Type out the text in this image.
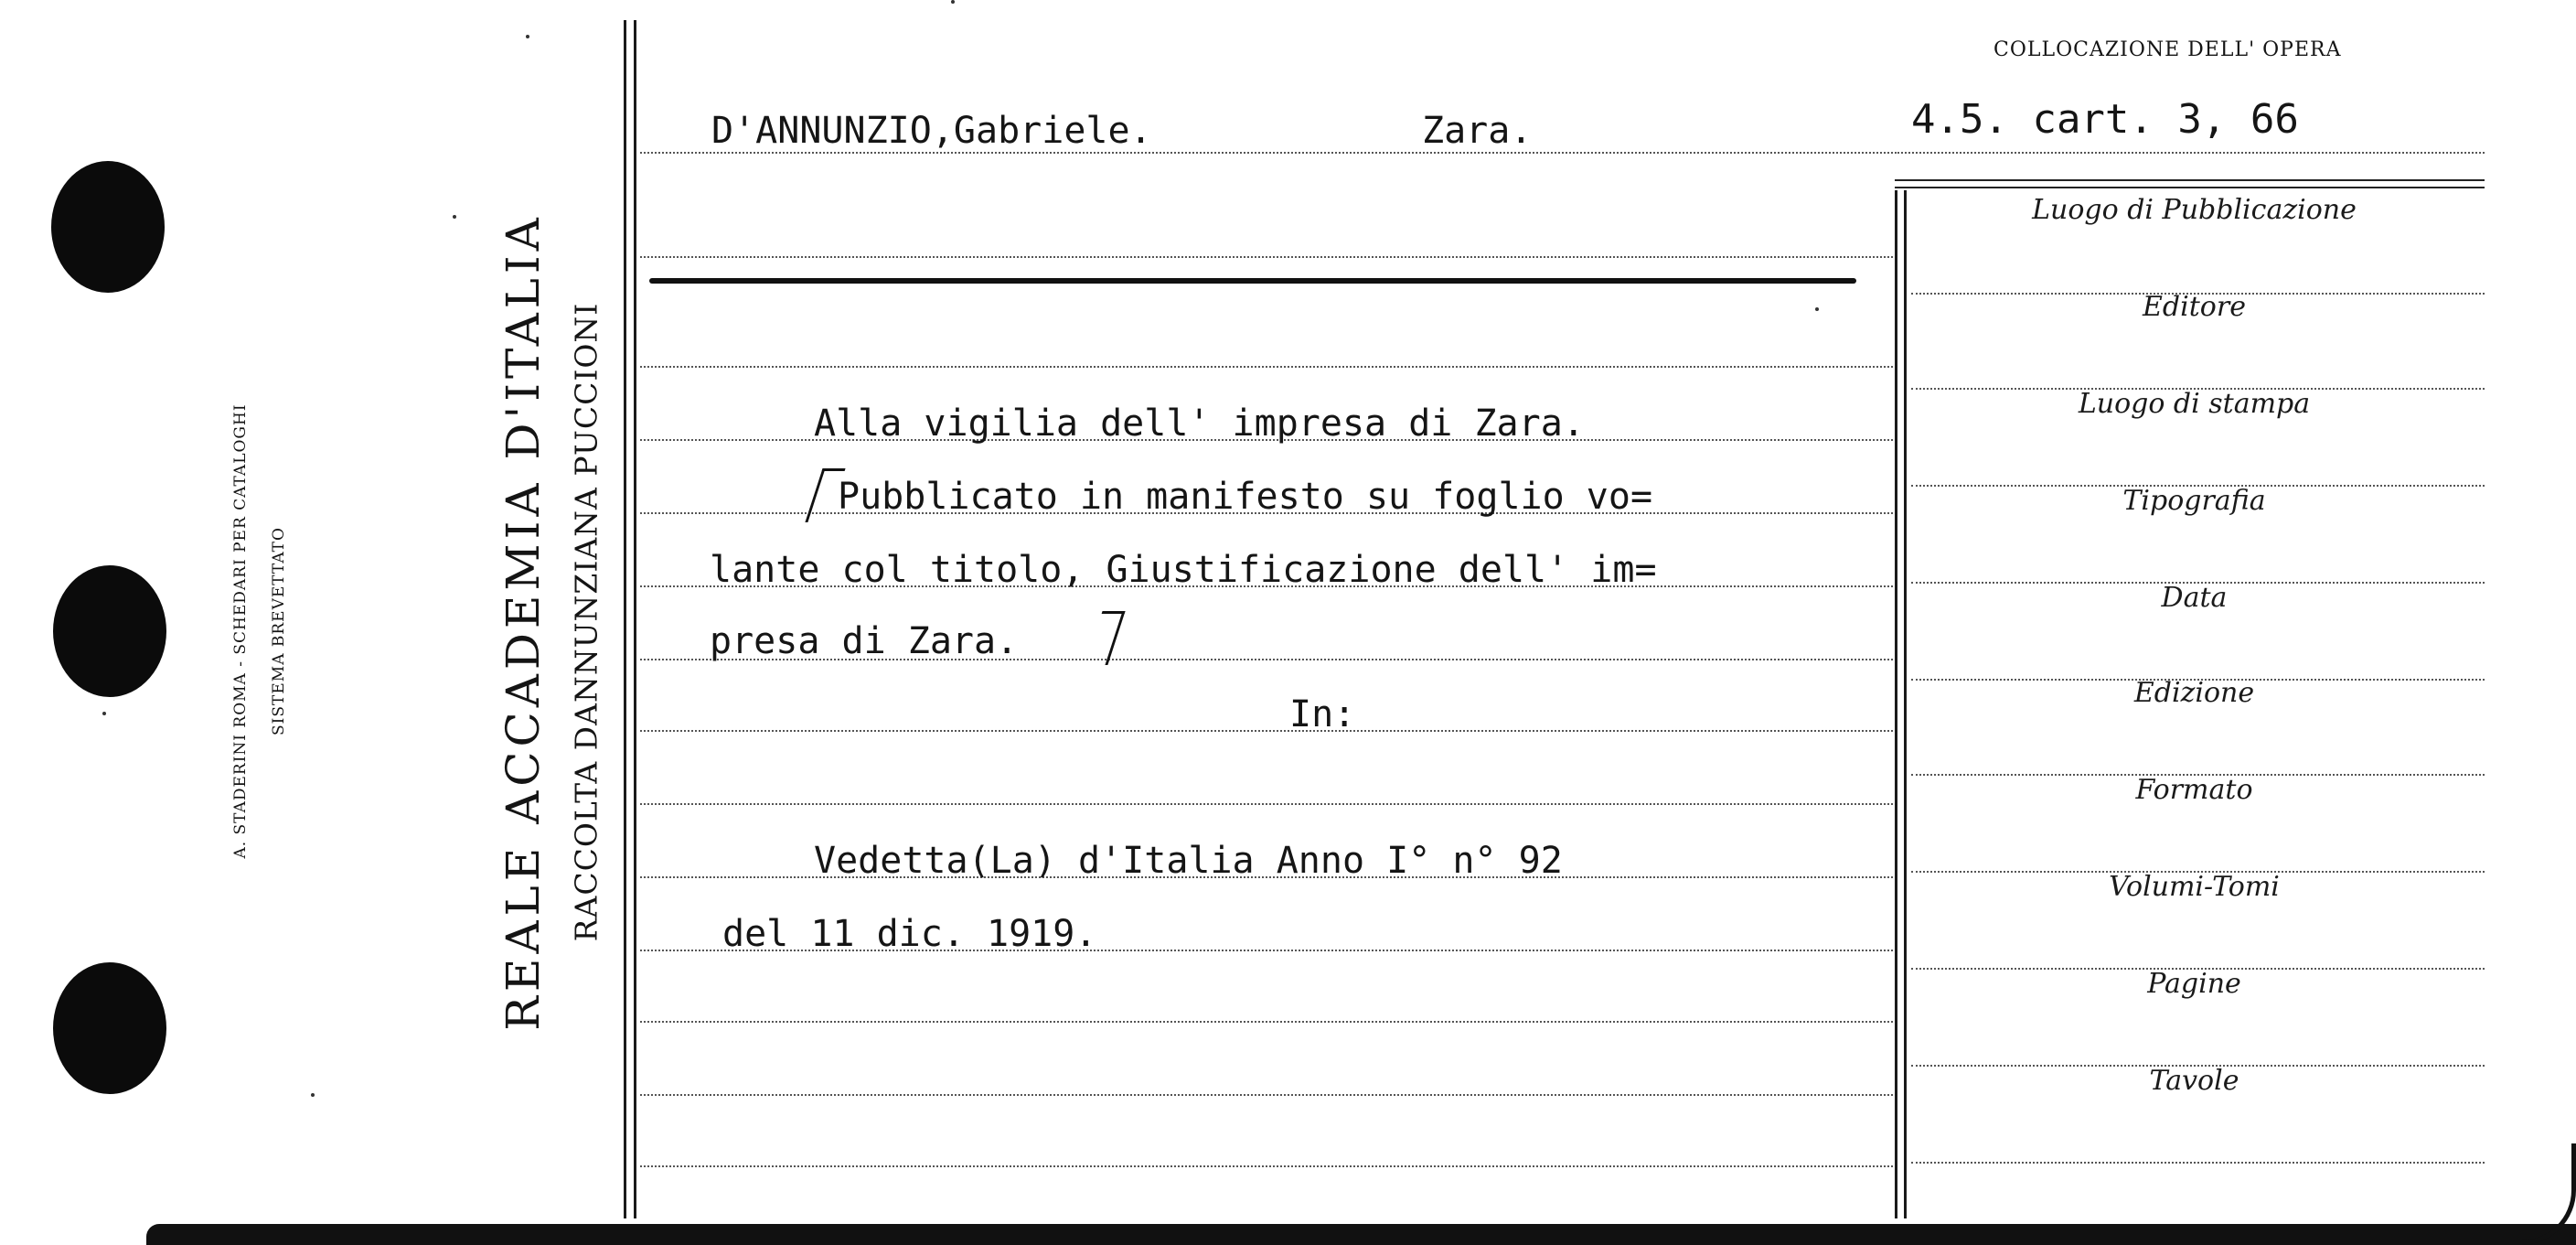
A. STADERINI ROMA - SCHEDARI PER CATALOGHI SISTEMA BREVETTATO	REALE ACCADEMIA D'ITALIA RACCOLTA DANNUNZIANA PUCCIONI
COLLOCAZIONE DELL' OPERA
4.5. cart. 3, 66
D'ANNUNZIO,Gabriele.	Zara.
Alla vigilia dell' impresa di Zara.
Pubblicato in manifesto su foglio vo=
lante col titolo, Giustificazione dell' im=
presa di Zara.
In:
Vedetta(La) d'Italia Anno I° n° 92
del 11 dic. 1919.
Luogo di Pubblicazione
Editore
Luogo di stampa
Tipografia
Data
Edizione
Formato
Volumi-Tomi
Pagine
Tavole
